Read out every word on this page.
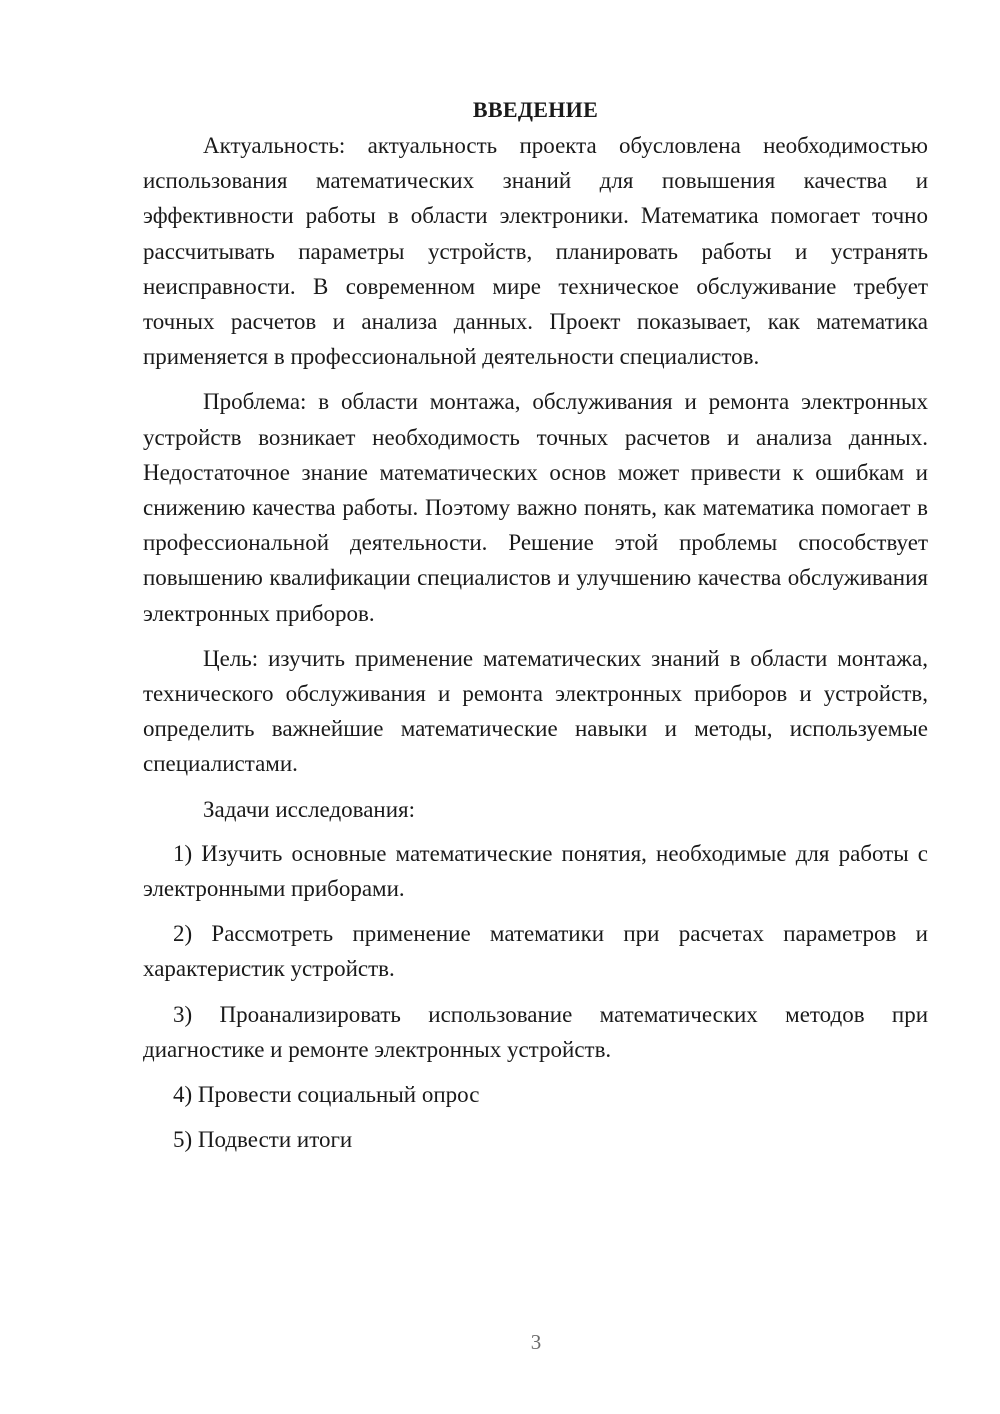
ВВЕДЕНИЕ

Актуальность: актуальность проекта обусловлена необходимостью использования математических знаний для повышения качества и эффективности работы в области электроники. Математика помогает точно рассчитывать параметры устройств, планировать работы и устранять неисправности. В современном мире техническое обслуживание требует точных расчетов и анализа данных. Проект показывает, как математика применяется в профессиональной деятельности специалистов.

Проблема: в области монтажа, обслуживания и ремонта электронных устройств возникает необходимость точных расчетов и анализа данных. Недостаточное знание математических основ может привести к ошибкам и снижению качества работы. Поэтому важно понять, как математика помогает в профессиональной деятельности. Решение этой проблемы способствует повышению квалификации специалистов и улучшению качества обслуживания электронных приборов.

Цель: изучить применение математических знаний в области монтажа, технического обслуживания и ремонта электронных приборов и устройств, определить важнейшие математические навыки и методы, используемые специалистами.

Задачи исследования:

1) Изучить основные математические понятия, необходимые для работы с электронными приборами.
2) Рассмотреть применение математики при расчетах параметров и характеристик устройств.
3) Проанализировать использование математических методов при диагностике и ремонте электронных устройств.
4) Провести социальный опрос
5) Подвести итоги
3
